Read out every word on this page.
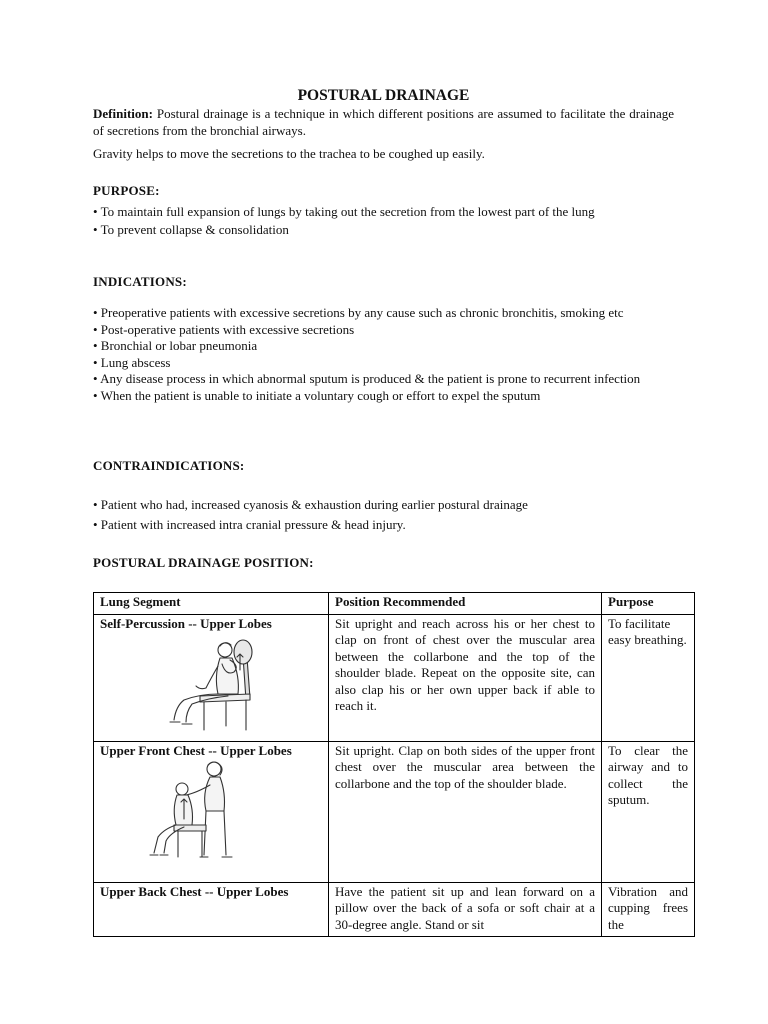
POSTURAL DRAINAGE

Definition: Postural drainage is a technique in which different positions are assumed to facilitate the drainage of secretions from the bronchial airways.

Gravity helps to move the secretions to the trachea to be coughed up easily.
PURPOSE:

• To maintain full expansion of lungs by taking out the secretion from the lowest part of the lung

• To prevent collapse & consolidation

INDICATIONS:

• Preoperative patients with excessive secretions by any cause such as chronic bronchitis, smoking etc

• Post-operative patients with excessive secretions

• Bronchial or lobar pneumonia

• Lung abscess

• Any disease process in which abnormal sputum is produced & the patient is prone to recurrent infection

• When the patient is unable to initiate a voluntary cough or effort to expel the sputum

CONTRAINDICATIONS:

• Patient who had, increased cyanosis & exhaustion during earlier postural drainage

• Patient with increased intra cranial pressure & head injury.

POSTURAL DRAINAGE POSITION:
Lung Segment	Position Recommended	Purpose

Self-Percussion -- Upper Lobes	Sit upright and reach across his or her chest to clap on front of chest over the muscular area between the collarbone and the top of the shoulder blade. Repeat on the opposite site, can also clap his or her own upper back if able to reach it.	To facilitate easy breathing.

Upper Front Chest -- Upper Lobes	Sit upright. Clap on both sides of the upper front chest over the muscular area between the collarbone and the top of the shoulder blade.	To clear the airway and to collect the sputum.

Upper Back Chest -- Upper Lobes	Have the patient sit up and lean forward on a pillow over the back of a sofa or soft chair at a 30-degree angle. Stand or sit	Vibration and cupping frees the
